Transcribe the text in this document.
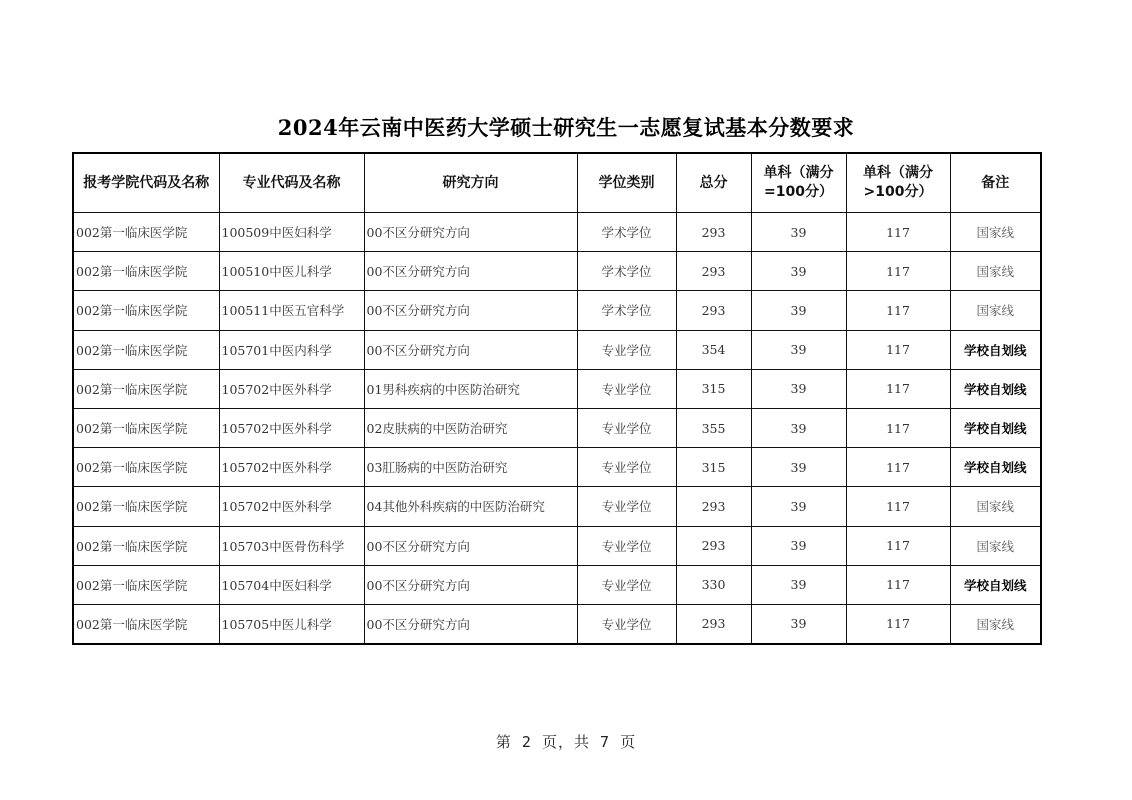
2024年云南中医药大学硕士研究生一志愿复试基本分数要求
报考学院代码及名称	专业代码及名称	研究方向	学位类别	总分	单科（满分=100分）	单科（满分>100分）	备注
002第一临床医学院	100509中医妇科学	00不区分研究方向	学术学位	293	39	117	国家线
002第一临床医学院	100510中医儿科学	00不区分研究方向	学术学位	293	39	117	国家线
002第一临床医学院	100511中医五官科学	00不区分研究方向	学术学位	293	39	117	国家线
002第一临床医学院	105701中医内科学	00不区分研究方向	专业学位	354	39	117	学校自划线
002第一临床医学院	105702中医外科学	01男科疾病的中医防治研究	专业学位	315	39	117	学校自划线
002第一临床医学院	105702中医外科学	02皮肤病的中医防治研究	专业学位	355	39	117	学校自划线
002第一临床医学院	105702中医外科学	03肛肠病的中医防治研究	专业学位	315	39	117	学校自划线
002第一临床医学院	105702中医外科学	04其他外科疾病的中医防治研究	专业学位	293	39	117	国家线
002第一临床医学院	105703中医骨伤科学	00不区分研究方向	专业学位	293	39	117	国家线
002第一临床医学院	105704中医妇科学	00不区分研究方向	专业学位	330	39	117	学校自划线
002第一临床医学院	105705中医儿科学	00不区分研究方向	专业学位	293	39	117	国家线
第 2 页，共 7 页
